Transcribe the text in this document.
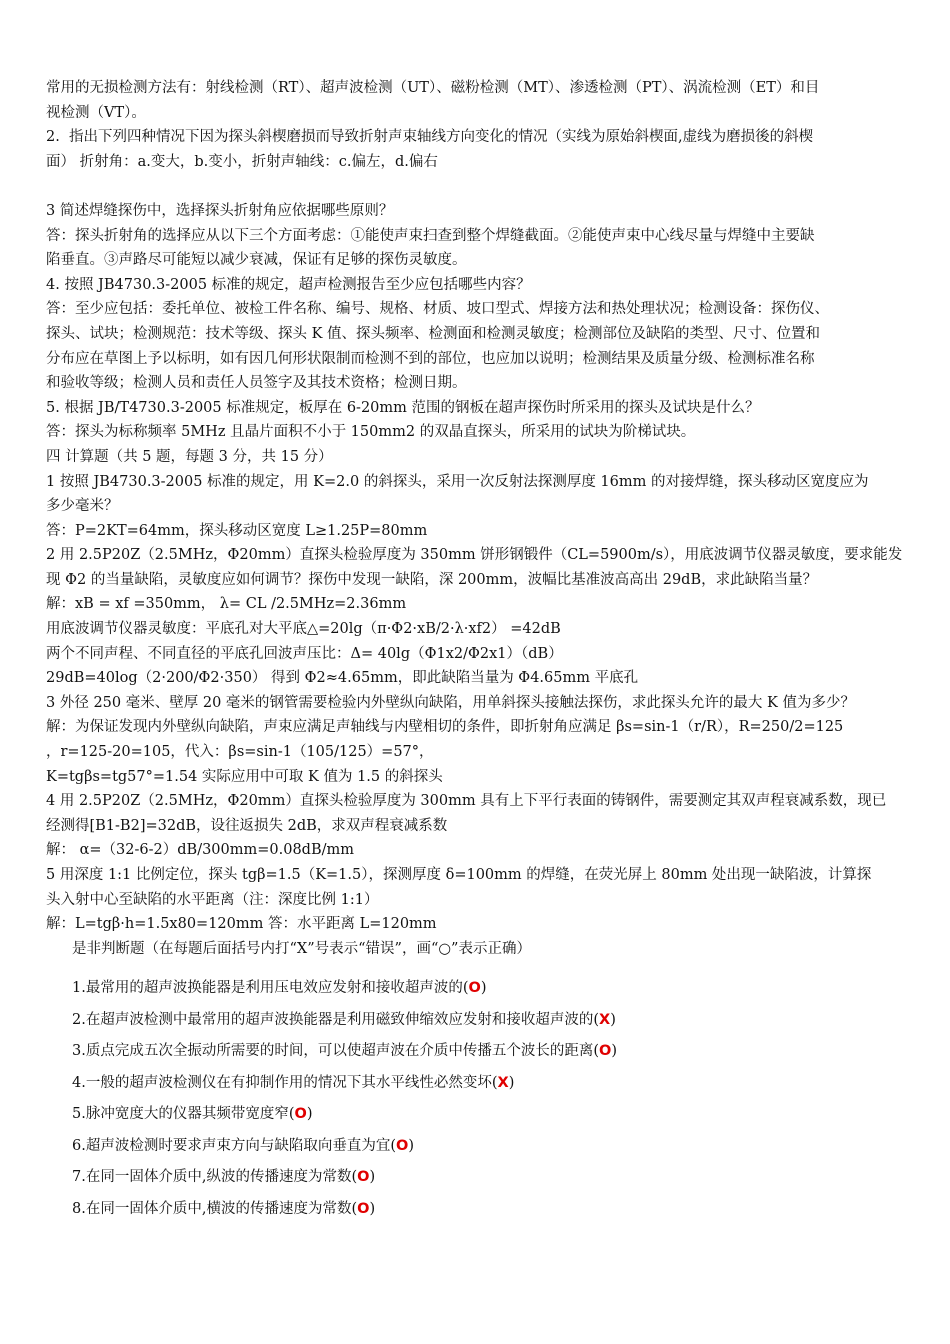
常用的无损检测方法有：射线检测（RT）、超声波检测（UT）、磁粉检测（MT）、渗透检测（PT）、涡流检测（ET）和目

视检测（VT）。

2.  指出下列四种情况下因为探头斜楔磨损而导致折射声束轴线方向变化的情况（实线为原始斜楔面,虚线为磨损後的斜楔

面） 折射角：a.变大，b.变小，折射声轴线：c.偏左，d.偏右

3 简述焊缝探伤中，选择探头折射角应依据哪些原则？

答：探头折射角的选择应从以下三个方面考虑：①能使声束扫查到整个焊缝截面。②能使声束中心线尽量与焊缝中主要缺

陷垂直。③声路尽可能短以减少衰减，保证有足够的探伤灵敏度。

4. 按照 JB4730.3-2005 标准的规定，超声检测报告至少应包括哪些内容？

答：至少应包括：委托单位、被检工件名称、编号、规格、材质、坡口型式、焊接方法和热处理状况；检测设备：探伤仪、

探头、试块；检测规范：技术等级、探头 K 值、探头频率、检测面和检测灵敏度；检测部位及缺陷的类型、尺寸、位置和

分布应在草图上予以标明，如有因几何形状限制而检测不到的部位，也应加以说明；检测结果及质量分级、检测标准名称

和验收等级；检测人员和责任人员签字及其技术资格；检测日期。

5. 根据 JB/T4730.3-2005 标准规定，板厚在 6-20mm 范围的钢板在超声探伤时所采用的探头及试块是什么？

答：探头为标称频率 5MHz 且晶片面积不小于 150mm2 的双晶直探头，所采用的试块为阶梯试块。

四 计算题（共 5 题，每题 3 分，共 15 分）

1 按照 JB4730.3-2005 标准的规定，用 K=2.0 的斜探头，采用一次反射法探测厚度 16mm 的对接焊缝，探头移动区宽度应为

多少毫米？

答：P=2KT=64mm，探头移动区宽度 L≥1.25P=80mm

2 用 2.5P20Z（2.5MHz，Φ20mm）直探头检验厚度为 350mm 饼形钢锻件（CL=5900m/s），用底波调节仪器灵敏度，要求能发

现 Φ2 的当量缺陷，灵敏度应如何调节？探伤中发现一缺陷，深 200mm，波幅比基准波高高出 29dB，求此缺陷当量？

解：xB = xf =350mm， λ= CL /2.5MHz=2.36mm

用底波调节仪器灵敏度：平底孔对大平底△=20lg（π·Φ2·xB/2·λ·xf2） =42dB

两个不同声程、不同直径的平底孔回波声压比：Δ= 40lg（Φ1x2/Φ2x1）（dB）

29dB=40log（2·200/Φ2·350） 得到 Φ2≈4.65mm，即此缺陷当量为 Φ4.65mm 平底孔

3 外径 250 毫米、壁厚 20 毫米的钢管需要检验内外壁纵向缺陷，用单斜探头接触法探伤，求此探头允许的最大 K 值为多少？

解：为保证发现内外壁纵向缺陷，声束应满足声轴线与内壁相切的条件，即折射角应满足 βs=sin-1（r/R），R=250/2=125

，r=125-20=105，代入：βs=sin-1（105/125）=57°，

K=tgβs=tg57°=1.54 实际应用中可取 K 值为 1.5 的斜探头

4 用 2.5P20Z（2.5MHz，Φ20mm）直探头检验厚度为 300mm 具有上下平行表面的铸钢件，需要测定其双声程衰减系数，现已

经测得[B1-B2]=32dB，设往返损失 2dB，求双声程衰减系数

解： α=（32-6-2）dB/300mm=0.08dB/mm

5 用深度 1:1 比例定位，探头 tgβ=1.5（K=1.5），探测厚度 δ=100mm 的焊缝，在荧光屏上 80mm 处出现一缺陷波，计算探

头入射中心至缺陷的水平距离（注：深度比例 1:1）

解：L=tgβ·h=1.5x80=120mm 答：水平距离 L=120mm

是非判断题（在每题后面括号内打“X”号表示“错误”，画“○”表示正确）

1.最常用的超声波换能器是利用压电效应发射和接收超声波的(O)

2.在超声波检测中最常用的超声波换能器是利用磁致伸缩效应发射和接收超声波的(X)

3.质点完成五次全振动所需要的时间，可以使超声波在介质中传播五个波长的距离(O)

4.一般的超声波检测仪在有抑制作用的情况下其水平线性必然变坏(X)

5.脉冲宽度大的仪器其频带宽度窄(O)

6.超声波检测时要求声束方向与缺陷取向垂直为宜(O)

7.在同一固体介质中,纵波的传播速度为常数(O)

8.在同一固体介质中,横波的传播速度为常数(O)
